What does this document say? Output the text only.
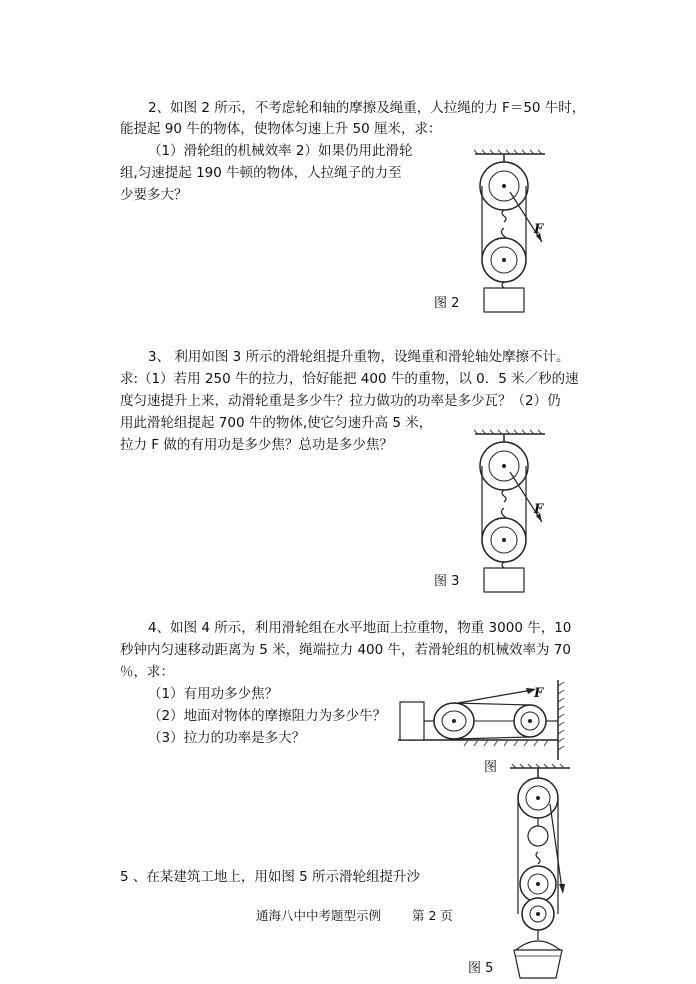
2、如图 2 所示，不考虑轮和轴的摩擦及绳重，人拉绳的力 F＝50 牛时，
能提起 90 牛的物体，使物体匀速上升 50 厘米，求：
（1）滑轮组的机械效率 2）如果仍用此滑轮
组,匀速提起 190 牛顿的物体，人拉绳子的力至
少要多大？
F
图 2
3、 利用如图 3 所示的滑轮组提升重物，设绳重和滑轮轴处摩擦不计。
求:（1）若用 250 牛的拉力，恰好能把 400 牛的重物，以 0．5 米／秒的速
度匀速提升上来，动滑轮重是多少牛？拉力做功的功率是多少瓦？（2）仍
用此滑轮组提起 700 牛的物体,使它匀速升高 5 米，
拉力 F 做的有用功是多少焦？总功是多少焦？
F
图 3
4、如图 4 所示，利用滑轮组在水平地面上拉重物，物重 3000 牛，10
秒钟内匀速移动距离为 5 米，绳端拉力 400 牛，若滑轮组的机械效率为 70
％，求：
（1）有用功多少焦？
（2）地面对物体的摩擦阻力为多少牛？
（3）拉力的功率是多大？
F
图
5 、在某建筑工地上，用如图 5 所示滑轮组提升沙
图 5
通海八中中考题型示例 第 2 页
